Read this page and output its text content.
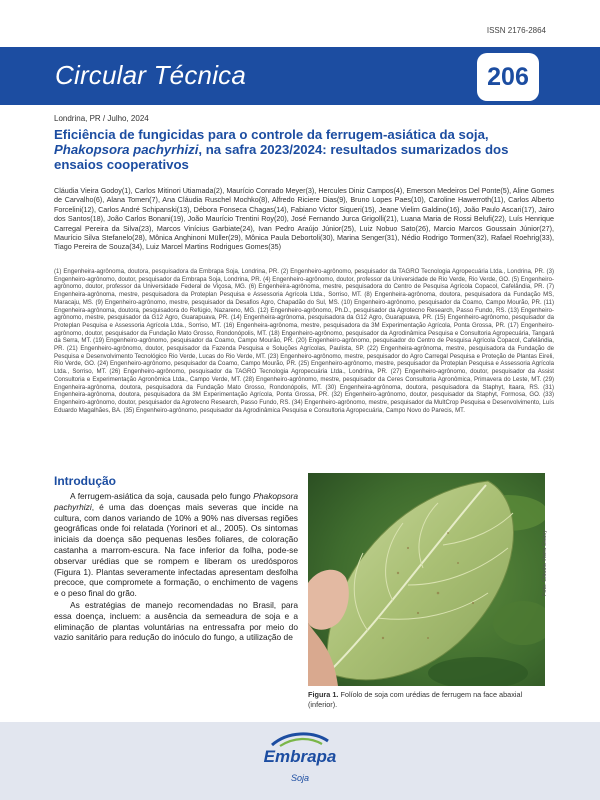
ISSN 2176-2864
Circular Técnica	206
Londrina, PR / Julho, 2024
Eficiência de fungicidas para o controle da ferrugem-asiática da soja, Phakopsora pachyrhizi, na safra 2023/2024: resultados sumarizados dos ensaios cooperativos
Cláudia Vieira Godoy(1), Carlos Mitinori Utiamada(2), Maurício Conrado Meyer(3), Hercules Diniz Campos(4), Emerson Medeiros Del Ponte(5), Aline Gomes de Carvalho(6), Alana Tomen(7), Ana Cláudia Ruschel Mochko(8), Alfredo Riciere Dias(9), Bruno Lopes Paes(10), Caroline Hawerroth(11), Carlos Alberto Forcelini(12), Carlos André Schipanski(13), Débora Fonseca Chagas(14), Fabiano Victor Siqueri(15), Jeane Vielim Galdino(16), João Paulo Ascari(17), Jairo dos Santos(18), João Carlos Bonani(19), João Maurício Trentini Roy(20), José Fernando Jurca Grigolli(21), Luana Maria de Rossi Belufi(22), Luís Henrique Carregal Pereira da Silva(23), Marcos Vinícius Garbiate(24), Ivan Pedro Araújo Júnior(25), Luiz Nobuo Sato(26), Marcio Marcos Goussain Júnior(27), Maurício Silva Stefanelo(28), Mônica Anghinoni Müller(29), Mônica Paula Debortoli(30), Marina Senger(31), Nédio Rodrigo Tormen(32), Rafael Roehrig(33), Tiago Pereira de Souza(34), Luiz Marcel Martins Rodrigues Gomes(35)
(1) Engenheira-agrônoma, doutora, pesquisadora da Embrapa Soja, Londrina, PR. (2) Engenheiro-agrônomo, pesquisador da TAGRO Tecnologia Agropecuária Ltda., Londrina, PR. (3) Engenheiro-agrônomo, doutor, pesquisador da Embrapa Soja, Londrina, PR. (4) Engenheiro-agrônomo, doutor, professor da Universidade de Rio Verde, Rio Verde, GO. (5) Engenheiro-agrônomo, doutor, professor da Universidade Federal de Viçosa, MG. (6) Engenheira-agrônoma, mestre, pesquisadora do Centro de Pesquisa Agrícola Copacol, Cafelândia, PR. (7) Engenheira-agrônoma, mestre, pesquisadora da Proteplan Pesquisa e Assessoria Agrícola Ltda., Sorriso, MT. (8) Engenheira-agrônoma, doutora, pesquisadora da Fundação MS, Maracaju, MS. (9) Engenheiro-agrônomo, mestre, pesquisador da Desafios Agro, Chapadão do Sul, MS. (10) Engenheiro-agrônomo, pesquisador da Coamo, Campo Mourão, PR. (11) Engenheira-agrônoma, doutora, pesquisadora do Refúgio, Nazareno, MG. (12) Engenheiro-agrônomo, Ph.D., pesquisador da Agrotecno Research, Passo Fundo, RS. (13) Engenheiro-agrônomo, mestre, pesquisador da G12 Agro, Guarapuava, PR. (14) Engenheira-agrônoma, pesquisadora da G12 Agro, Guarapuava, PR. (15) Engenheiro-agrônomo, pesquisador da Proteplan Pesquisa e Assessoria Agrícola Ltda., Sorriso, MT. (16) Engenheira-agrônoma, mestre, pesquisadora da 3M Experimentação Agrícola, Ponta Grossa, PR. (17) Engenheiro-agrônomo, doutor, pesquisador da Fundação Mato Grosso, Rondonópolis, MT. (18) Engenheiro-agrônomo, pesquisador da Agrodinâmica Pesquisa e Consultoria Agropecuária, Tangará da Serra, MT. (19) Engenheiro-agrônomo, pesquisador da Coamo, Campo Mourão, PR. (20) Engenheiro-agrônomo, pesquisador do Centro de Pesquisa Agrícola Copacol, Cafelândia, PR. (21) Engenheiro-agrônomo, doutor, pesquisador da Fazenda Pesquisa e Soluções Agrícolas, Paulista, SP. (22) Engenheira-agrônoma, mestre, pesquisadora da Fundação de Pesquisa e Desenvolvimento Tecnológico Rio Verde, Lucas do Rio Verde, MT. (23) Engenheiro-agrônomo, mestre, pesquisador do Agro Carregal Pesquisa e Proteção de Plantas Eireli, Rio Verde, GO. (24) Engenheiro-agrônomo, pesquisador da Coamo, Campo Mourão, PR. (25) Engenheiro-agrônomo, mestre, pesquisador da Proteplan Pesquisa e Assessoria Agrícola Ltda., Sorriso, MT. (26) Engenheiro-agrônomo, pesquisador da TAGRO Tecnologia Agropecuária Ltda., Londrina, PR. (27) Engenheiro-agrônomo, doutor, pesquisador da Assist Consultoria e Experimentação Agronômica Ltda., Campo Verde, MT. (28) Engenheiro-agrônomo, mestre, pesquisador da Ceres Consultoria Agronômica, Primavera do Leste, MT. (29) Engenheira-agrônoma, doutora, pesquisadora da Fundação Mato Grosso, Rondonópolis, MT. (30) Engenheira-agrônoma, doutora, pesquisadora da Staphyt, Itaara, RS. (31) Engenheira-agrônoma, doutora, pesquisadora da 3M Experimentação Agrícola, Ponta Grossa, PR. (32) Engenheiro-agrônomo, doutor, pesquisador da Staphyt, Formosa, GO. (33) Engenheiro-agrônomo, doutor, pesquisador da Agrotecno Research, Passo Fundo, RS. (34) Engenheiro-agrônomo, mestre, pesquisador da MultCrop Pesquisa e Desenvolvimento, Luís Eduardo Magalhães, BA. (35) Engenheiro-agrônomo, pesquisador da Agrodinâmica Pesquisa e Consultoria Agropecuária, Campo Novo do Parecis, MT.
Introdução

A ferrugem-asiática da soja, causada pelo fungo Phakopsora pachyrhizi, é uma das doenças mais severas que incide na cultura, com danos variando de 10% a 90% nas diversas regiões geográficas onde foi relatada (Yorinori et al., 2005). Os sintomas iniciais da doença são pequenas lesões foliares, de coloração castanha a marrom-escura. Na face inferior da folha, pode-se observar urédias que se rompem e liberam os uredósporos (Figura 1). Plantas severamente infectadas apresentam desfolha precoce, que compromete a formação, o enchimento de vagens e o peso final do grão.

As estratégias de manejo recomendadas no Brasil, para essa doença, incluem: a ausência da semeadura de soja e a eliminação de plantas voluntárias na entressafra por meio do vazio sanitário para redução do inóculo do fungo, a utilização de

Foto: Cláudia Vieira Godoy
Figura 1. Folíolo de soja com urédias de ferrugem na face abaxial (inferior).
Embrapa
Soja
